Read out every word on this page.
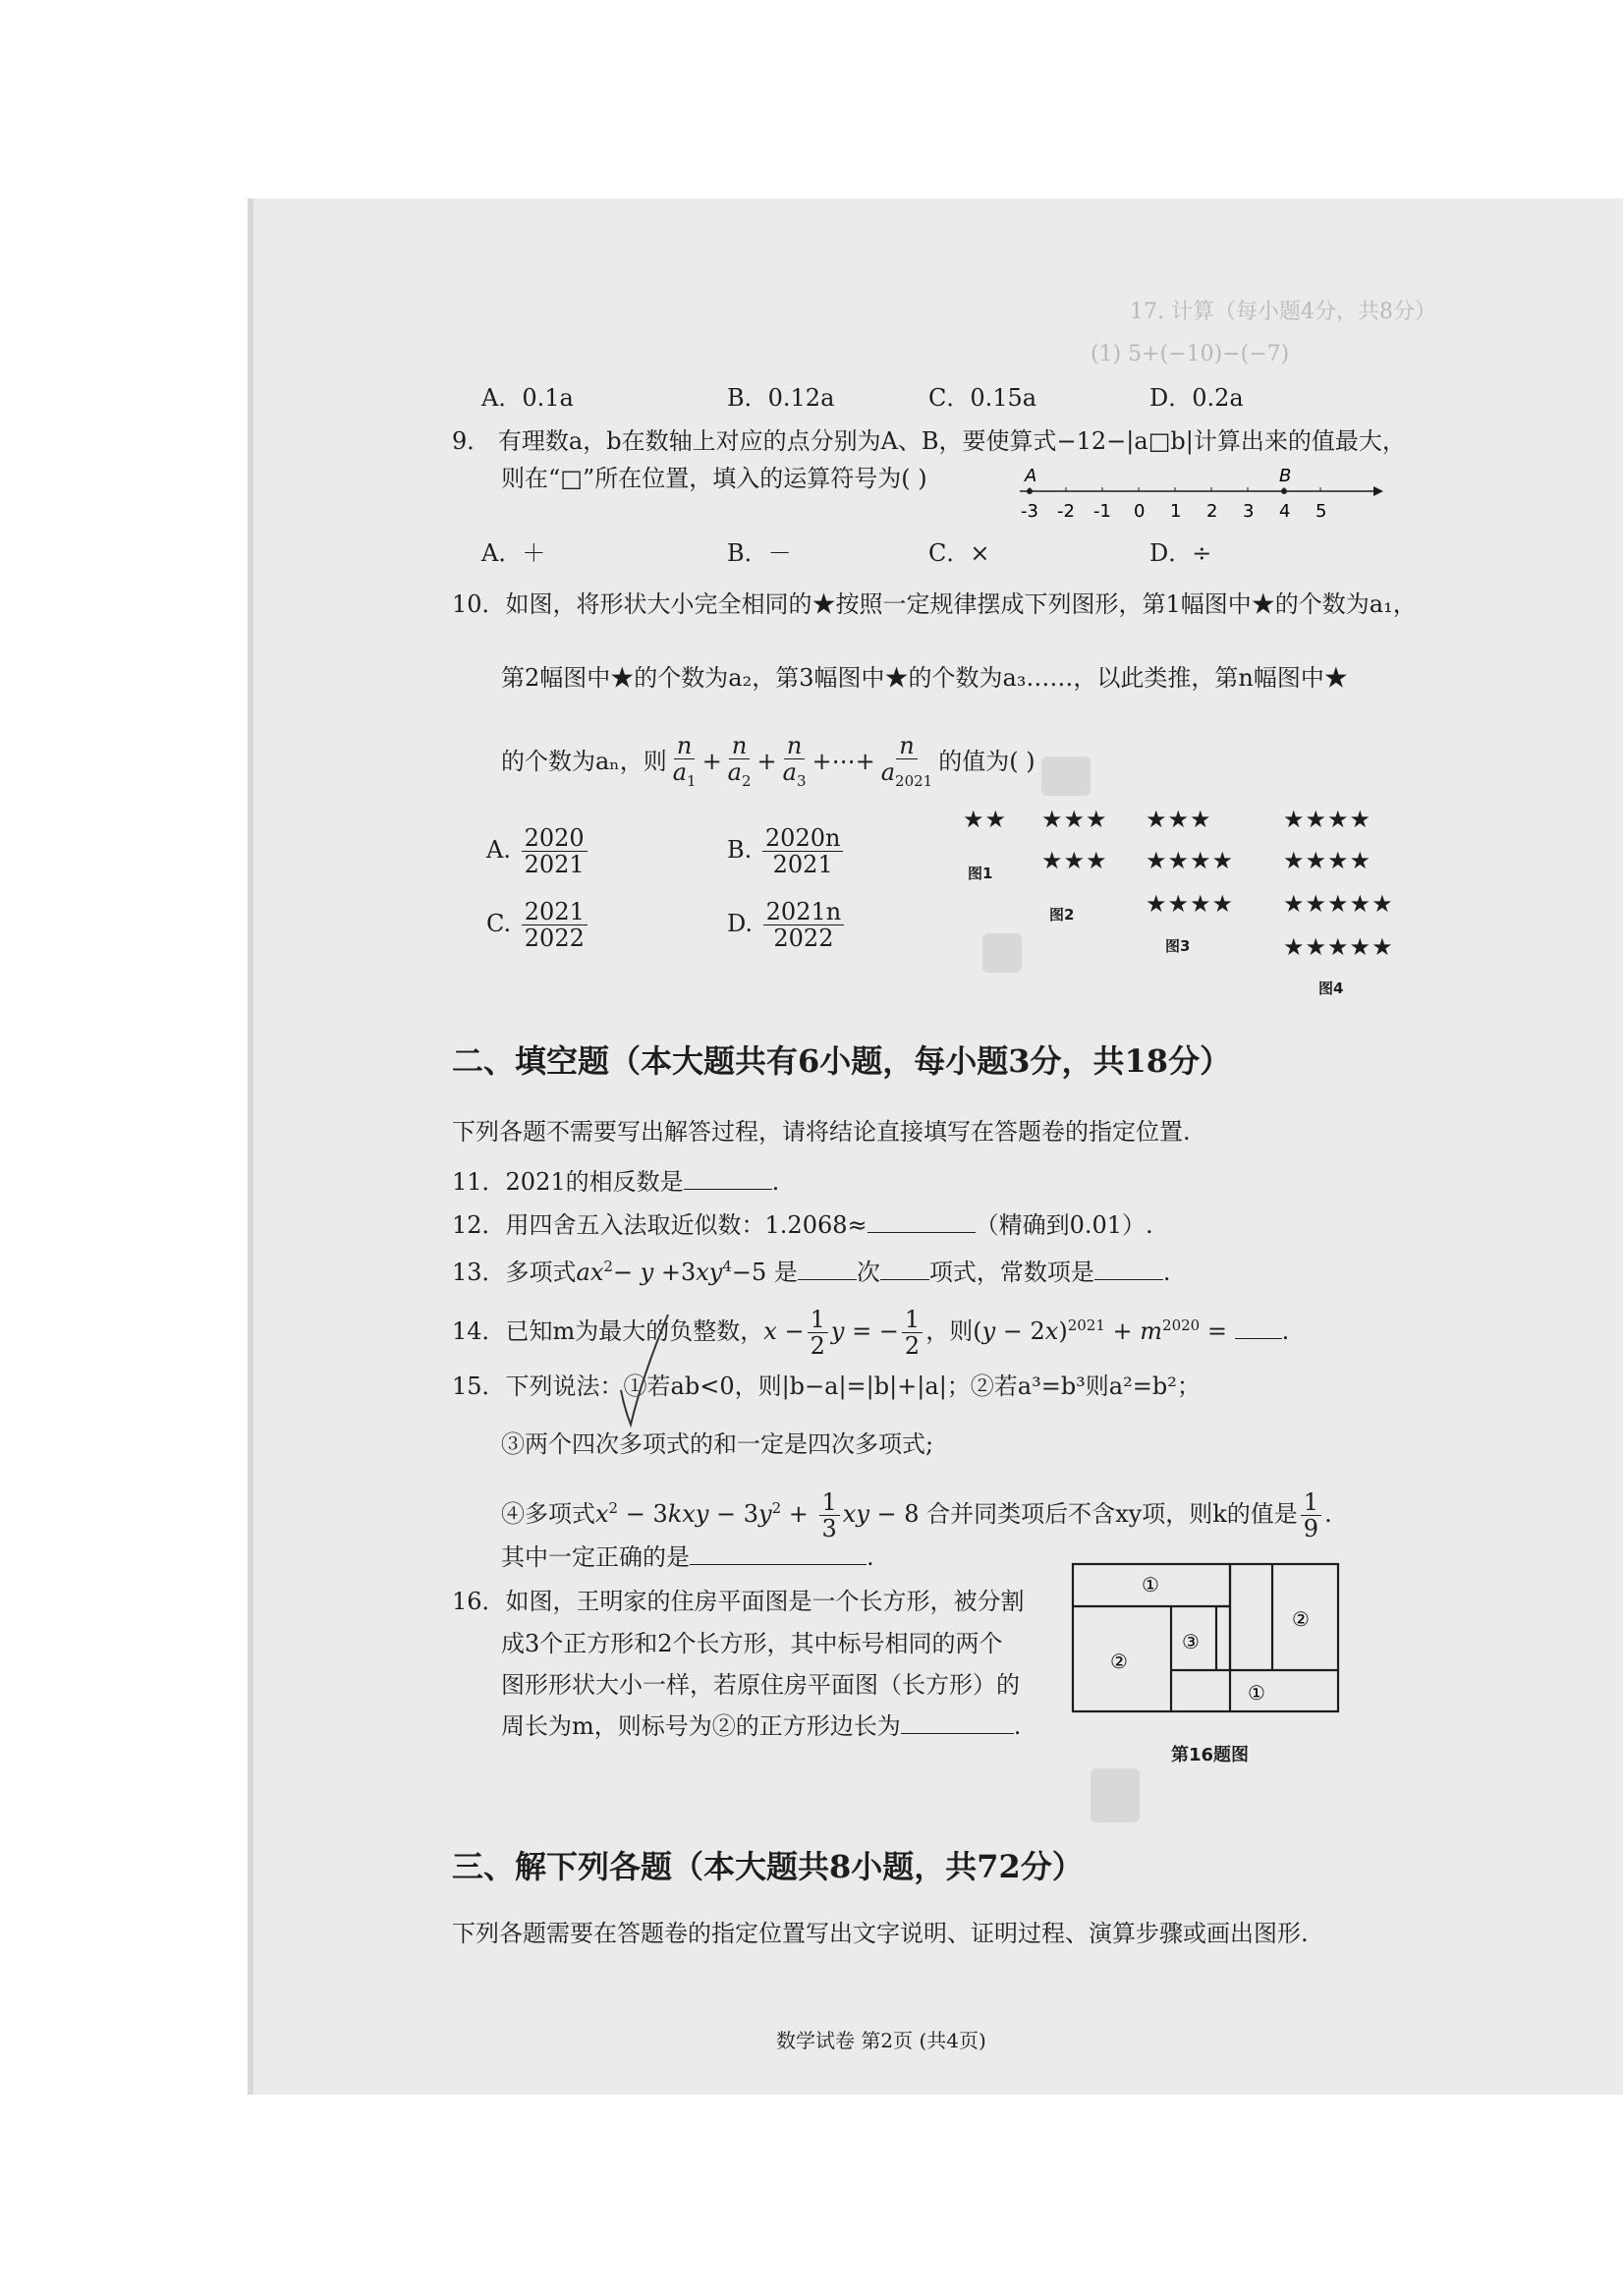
17. 计算（每小题4分，共8分）
(1) 5+(−10)−(−7)
A．0.1a	B．0.12a	C．0.15a	D．0.2a
9． 有理数a，b在数轴上对应的点分别为A、B，要使算式−12−|a□b|计算出来的值最大，
则在“□”所在位置，填入的运算符号为( )
-3 -2 -1 0 1 2 3 4 5
A	B
A．＋	B．－	C．×	D．÷
10．如图，将形状大小完全相同的★按照一定规律摆成下列图形，第1幅图中★的个数为a₁，
第2幅图中★的个数为a₂，第3幅图中★的个数为a₃……，以此类推，第n幅图中★
的个数为aₙ，则 $\frac{n}{a_1} + \frac{n}{a_2} + \frac{n}{a_3}$ +⋯+ $\frac{n}{a_{2021}}$ 的值为( )
A. $\frac{2020}{2021}$	B. $\frac{2020n}{2021}$
C. $\frac{2021}{2022}$	D. $\frac{2021n}{2022}$
★★ ★★★
图1 ★★★
★★★
★★★★
图2	★★★★
★★★★
★★★★
★★★★★
图3	★★★★★
图4
二、填空题（本大题共有6小题，每小题3分，共18分）
下列各题不需要写出解答过程，请将结论直接填写在答题卷的指定位置.
11．2021的相反数是	.
12．用四舍五入法取近似数：1.2068≈	（精确到0.01）.
13．多项式$ax^2- y +3xy^4-5$ 是	次 项式，常数项是	.
14．已知m为最大的负整数，$x - \frac{1}{2}$ y = − $\frac{1}{2}$ ，则$(y - 2x)^{2021} + m^{2020}$ = .
15．下列说法：①若ab<0，则|b−a|=|b|+|a|；②若a³=b³则a²=b²；
③两个四次多项式的和一定是四次多项式;
④多项式$x^2 - 3kxy - 3y^2 + \frac{1}{3}$ xy − 8 合并同类项后不含xy项，则k的值是 $\frac{1}{9}$ .
其中一定正确的是	.
16．如图，王明家的住房平面图是一个长方形，被分割
成3个正方形和2个长方形，其中标号相同的两个
图形形状大小一样，若原住房平面图（长方形）的
周长为m，则标号为②的正方形边长为	.
①
②
③
②
①
第16题图
三、解下列各题（本大题共8小题，共72分）
下列各题需要在答题卷的指定位置写出文字说明、证明过程、演算步骤或画出图形.
数学试卷 第2页 (共4页)
